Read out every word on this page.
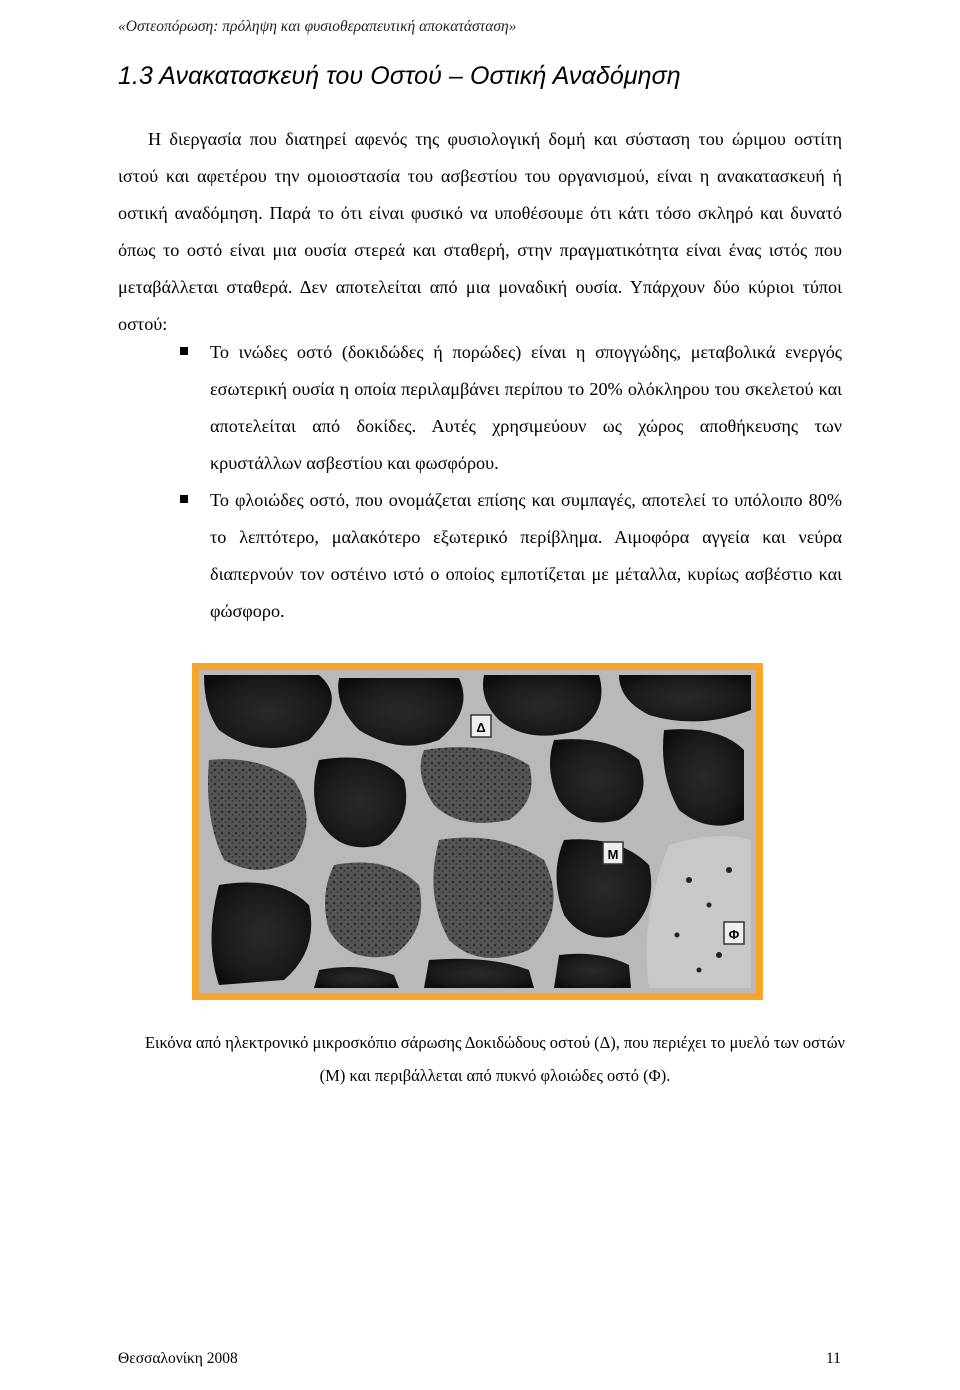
«Οστεοπόρωση: πρόληψη και φυσιοθεραπευτική αποκατάσταση»
1.3 Ανακατασκευή του Οστού – Οστική Αναδόμηση
Η διεργασία που διατηρεί αφενός της φυσιολογική δομή και σύσταση του ώριμου οστίτη ιστού και αφετέρου την ομοιοστασία του ασβεστίου του οργανισμού, είναι η ανακατασκευή ή οστική αναδόμηση. Παρά το ότι είναι φυσικό να υποθέσουμε ότι κάτι τόσο σκληρό και δυνατό όπως το οστό είναι μια ουσία στερεά και σταθερή, στην πραγματικότητα είναι ένας ιστός που μεταβάλλεται σταθερά. Δεν αποτελείται από μια μοναδική ουσία. Υπάρχουν δύο κύριοι τύποι οστού:
Το ινώδες οστό (δοκιδώδες ή πορώδες) είναι η σπογγώδης, μεταβολικά ενεργός εσωτερική ουσία η οποία περιλαμβάνει περίπου το 20% ολόκληρου του σκελετού και αποτελείται από δοκίδες. Αυτές χρησιμεύουν ως χώρος αποθήκευσης των κρυστάλλων ασβεστίου και φωσφόρου.
Το φλοιώδες οστό, που ονομάζεται επίσης και συμπαγές, αποτελεί το υπόλοιπο 80% το λεπτότερο, μαλακότερο εξωτερικό περίβλημα. Αιμοφόρα αγγεία και νεύρα διαπερνούν τον οστέινο ιστό ο οποίος εμποτίζεται με μέταλλα, κυρίως ασβέστιο και φώσφορο.
Δ
M
Φ
Εικόνα από ηλεκτρονικό μικροσκόπιο σάρωσης Δοκιδώδους οστού (Δ), που περιέχει το μυελό των οστών (M) και περιβάλλεται από πυκνό φλοιώδες οστό (Φ).
Θεσσαλονίκη 2008	11
